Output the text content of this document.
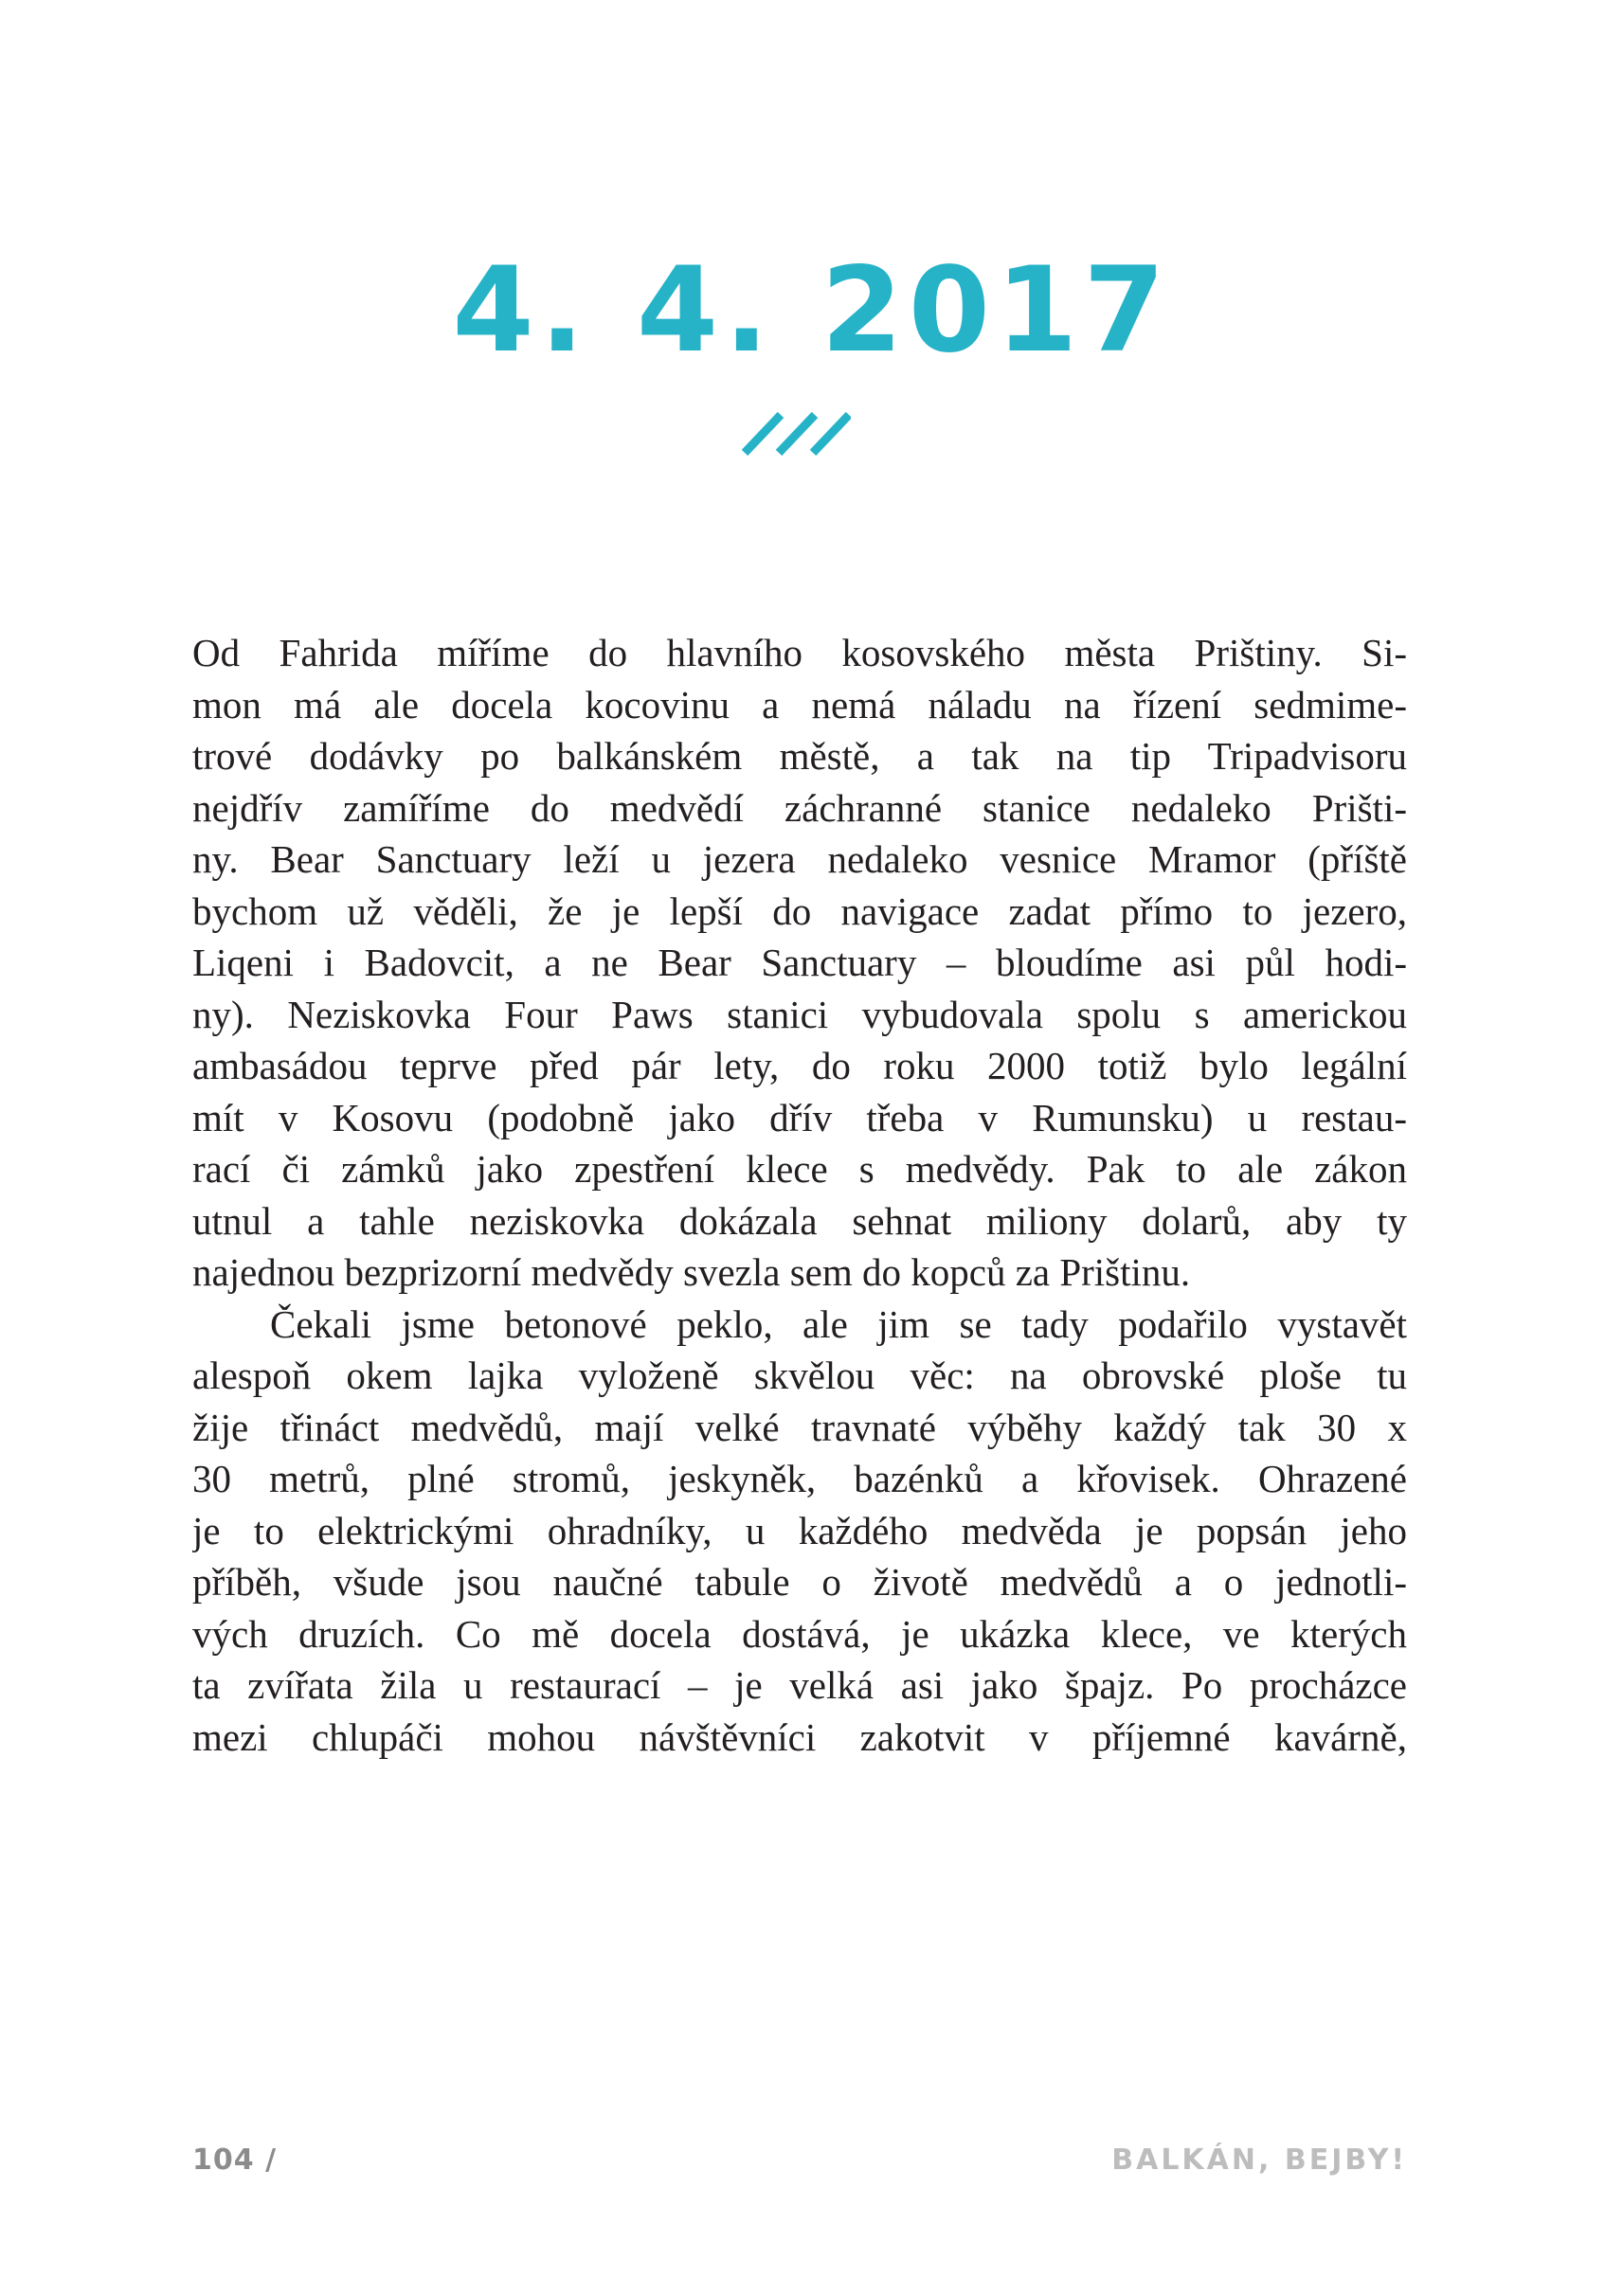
4. 4. 2017

Od Fahrida míříme do hlavního kosovského města Prištiny. Si-
mon má ale docela kocovinu a nemá náladu na řízení sedmime-
trové dodávky po balkánském městě, a tak na tip Tripadvisoru
nejdřív zamíříme do medvědí záchranné stanice nedaleko Prišti-
ny. Bear Sanctuary leží u jezera nedaleko vesnice Mramor (příště
bychom už věděli, že je lepší do navigace zadat přímo to jezero,
Liqeni i Badovcit, a ne Bear Sanctuary – bloudíme asi půl hodi-
ny). Neziskovka Four Paws stanici vybudovala spolu s americkou
ambasádou teprve před pár lety, do roku 2000 totiž bylo legální
mít v Kosovu (podobně jako dřív třeba v Rumunsku) u restau-
rací či zámků jako zpestření klece s medvědy. Pak to ale zákon
utnul a tahle neziskovka dokázala sehnat miliony dolarů, aby ty
najednou bezprizorní medvědy svezla sem do kopců za Prištinu.

Čekali jsme betonové peklo, ale jim se tady podařilo vystavět
alespoň okem lajka vyloženě skvělou věc: na obrovské ploše tu
žije třináct medvědů, mají velké travnaté výběhy každý tak 30 x
30 metrů, plné stromů, jeskyněk, bazénků a křovisek. Ohrazené
je to elektrickými ohradníky, u každého medvěda je popsán jeho
příběh, všude jsou naučné tabule o životě medvědů a o jednotli-
vých druzích. Co mě docela dostává, je ukázka klece, ve kterých
ta zvířata žila u restaurací – je velká asi jako špajz. Po procházce
mezi chlupáči mohou návštěvníci zakotvit v příjemné kavárně,

104 /	BALKÁN, BEJBY!
